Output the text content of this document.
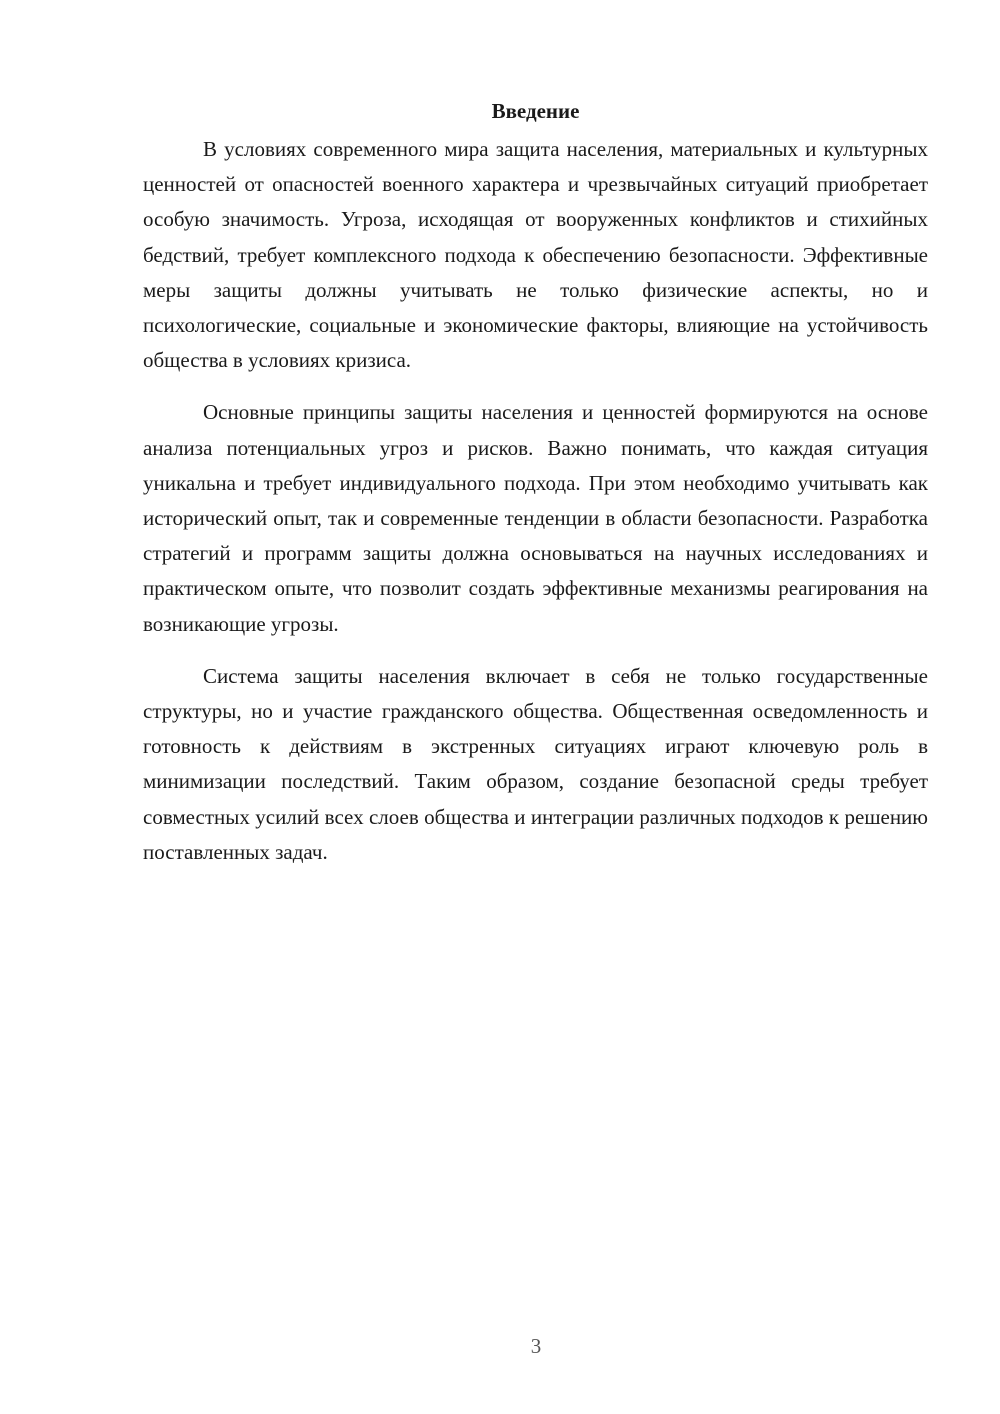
Введение

В условиях современного мира защита населения, материальных и культурных ценностей от опасностей военного характера и чрезвычайных ситуаций приобретает особую значимость. Угроза, исходящая от вооруженных конфликтов и стихийных бедствий, требует комплексного подхода к обеспечению безопасности. Эффективные меры защиты должны учитывать не только физические аспекты, но и психологические, социальные и экономические факторы, влияющие на устойчивость общества в условиях кризиса.

Основные принципы защиты населения и ценностей формируются на основе анализа потенциальных угроз и рисков. Важно понимать, что каждая ситуация уникальна и требует индивидуального подхода. При этом необходимо учитывать как исторический опыт, так и современные тенденции в области безопасности. Разработка стратегий и программ защиты должна основываться на научных исследованиях и практическом опыте, что позволит создать эффективные механизмы реагирования на возникающие угрозы.

Система защиты населения включает в себя не только государственные структуры, но и участие гражданского общества. Общественная осведомленность и готовность к действиям в экстренных ситуациях играют ключевую роль в минимизации последствий. Таким образом, создание безопасной среды требует совместных усилий всех слоев общества и интеграции различных подходов к решению поставленных задач.

3
